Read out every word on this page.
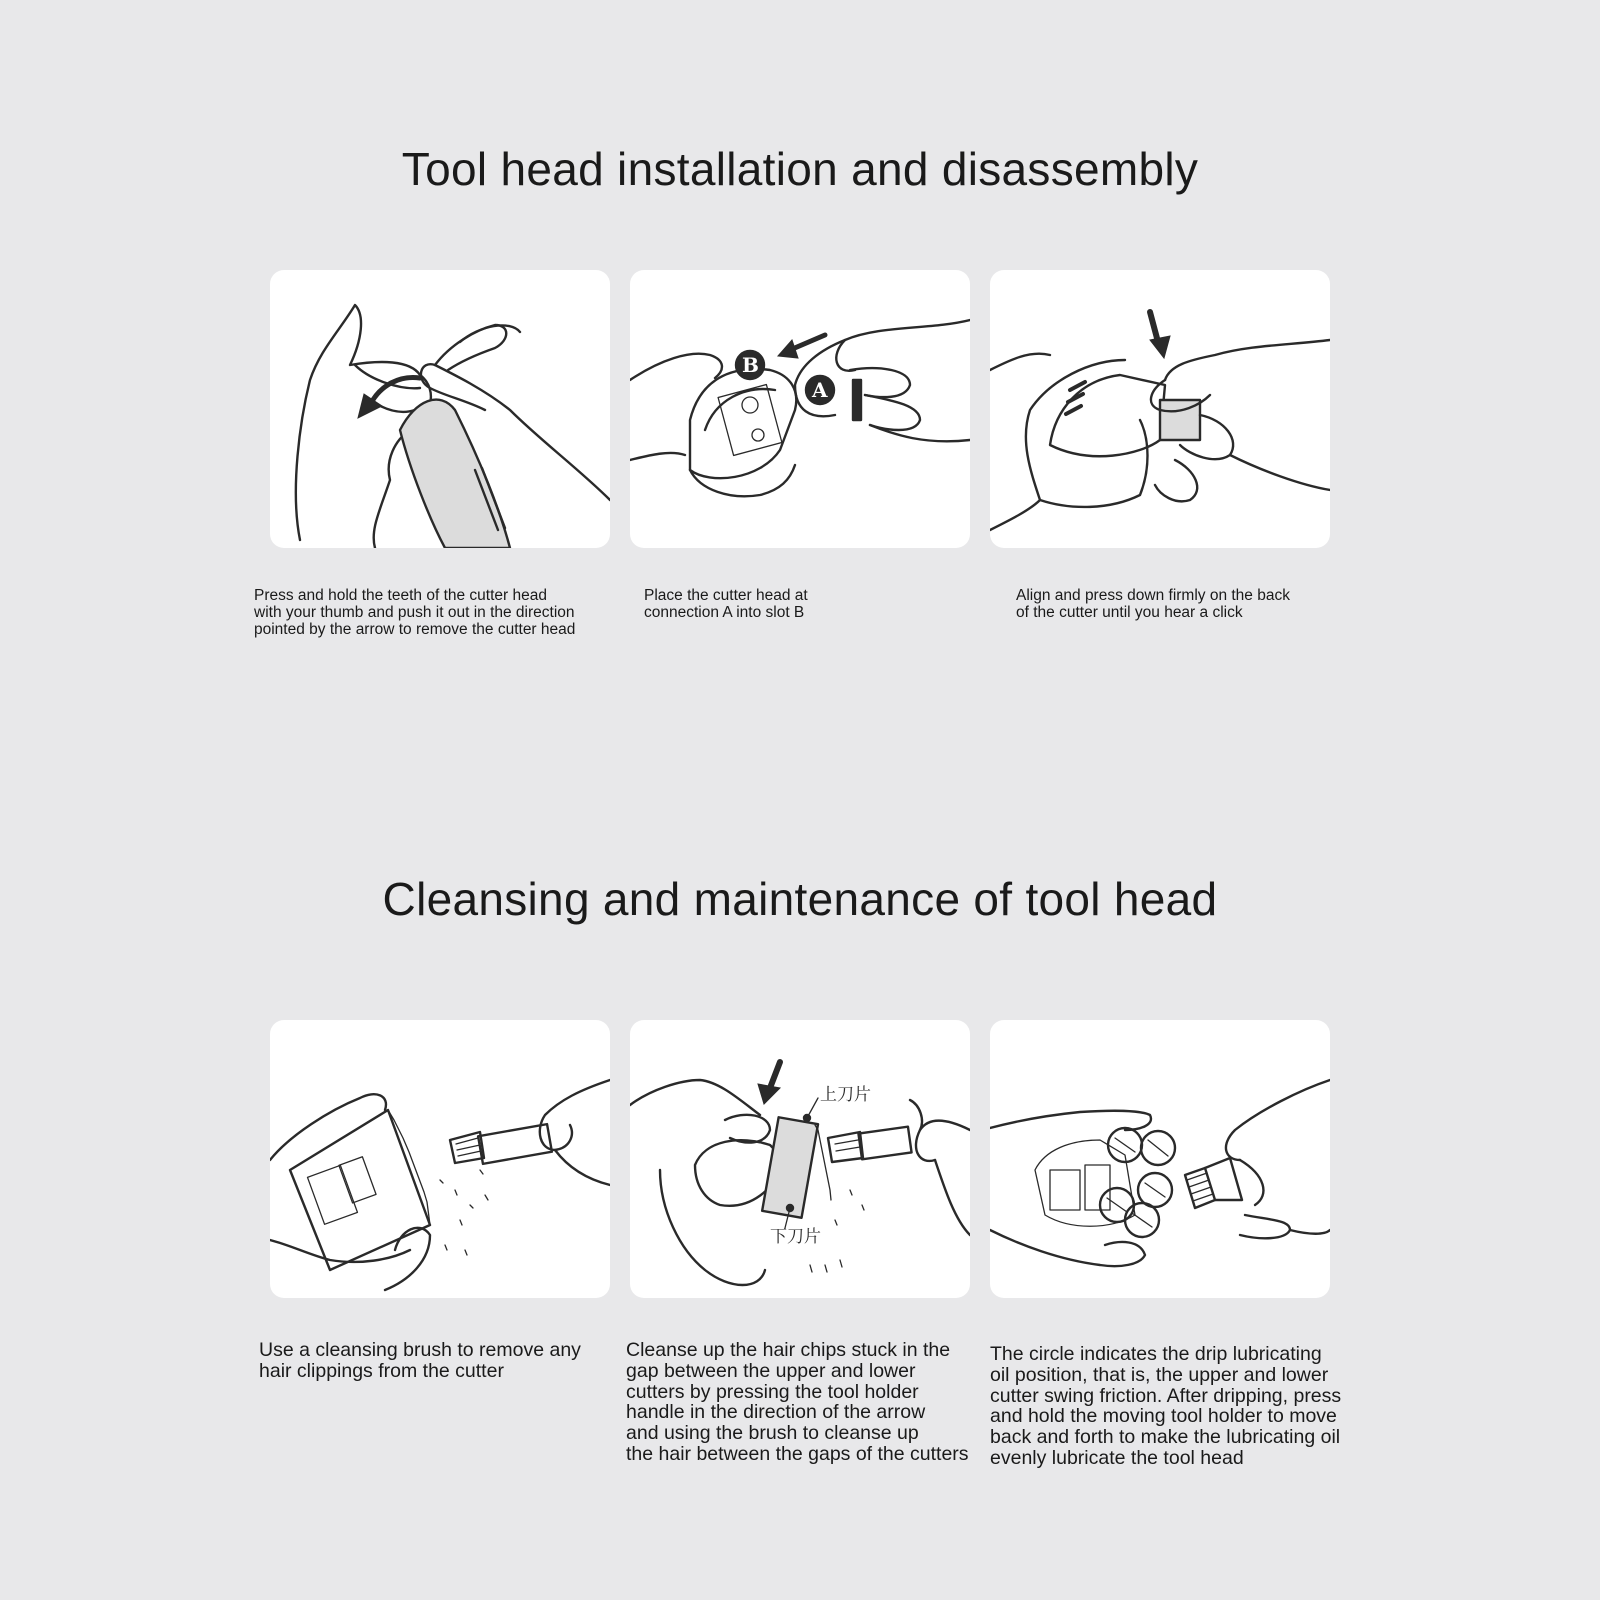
Tool head installation and disassembly
B
A

Press and hold the teeth of the cutter head
with your thumb and push it out in the direction
pointed by the arrow to remove the cutter head

Place the cutter head at
connection A into slot B

Align and press down firmly on the back
of the cutter until you hear a click

Cleansing and maintenance of tool head
上刀片
下刀片

Use a cleansing brush to remove any
hair clippings from the cutter

Cleanse up the hair chips stuck in the
gap between the upper and lower
cutters by pressing the tool holder
handle in the direction of the arrow
and using the brush to cleanse up
the hair between the gaps of the cutters

The circle indicates the drip lubricating
oil position, that is, the upper and lower
cutter swing friction. After dripping, press
and hold the moving tool holder to move
back and forth to make the lubricating oil
evenly lubricate the tool head
